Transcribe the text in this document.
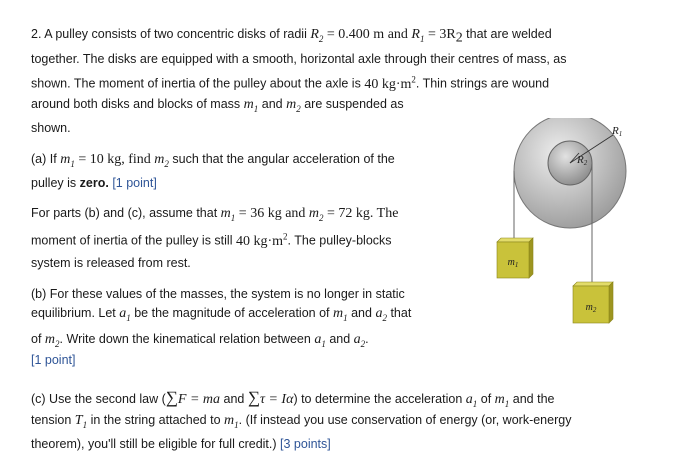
2. A pulley consists of two concentric disks of radii $R_2 = 0.400$ m and $R_1 = 3R_2$ that are welded
together. The disks are equipped with a smooth, horizontal axle through their centres of mass, as
shown. The moment of inertia of the pulley about the axle is 40 $kg\cdot m^2$. Thin strings are wound
around both disks and blocks of mass $m_1$ and $m_2$ are suspended as
shown.
(a) If $m_1 = 10$ kg, find $m_2$ such that the angular acceleration of the
pulley is zero. [1 point]
For parts (b) and (c), assume that $m_1 = 36$ kg and $m_2 = 72$ kg. The
moment of inertia of the pulley is still 40 $kg\cdot m^2$. The pulley-blocks
system is released from rest.
(b) For these values of the masses, the system is no longer in static
equilibrium. Let $a_1$ be the magnitude of acceleration of $m_1$ and $a_2$ that
of $m_2$. Write down the kinematical relation between $a_1$ and $a_2$.
[1 point]
(c) Use the second law (∑F = ma and ∑τ = Iα) to determine the acceleration $a_1$ of $m_1$ and the
tension $T_1$ in the string attached to $m_1$. (If instead you use conservation of energy (or, work-energy
theorem), you'll still be eligible for full credit.) [3 points]
R1
R2
$m_1$
$m_2$
